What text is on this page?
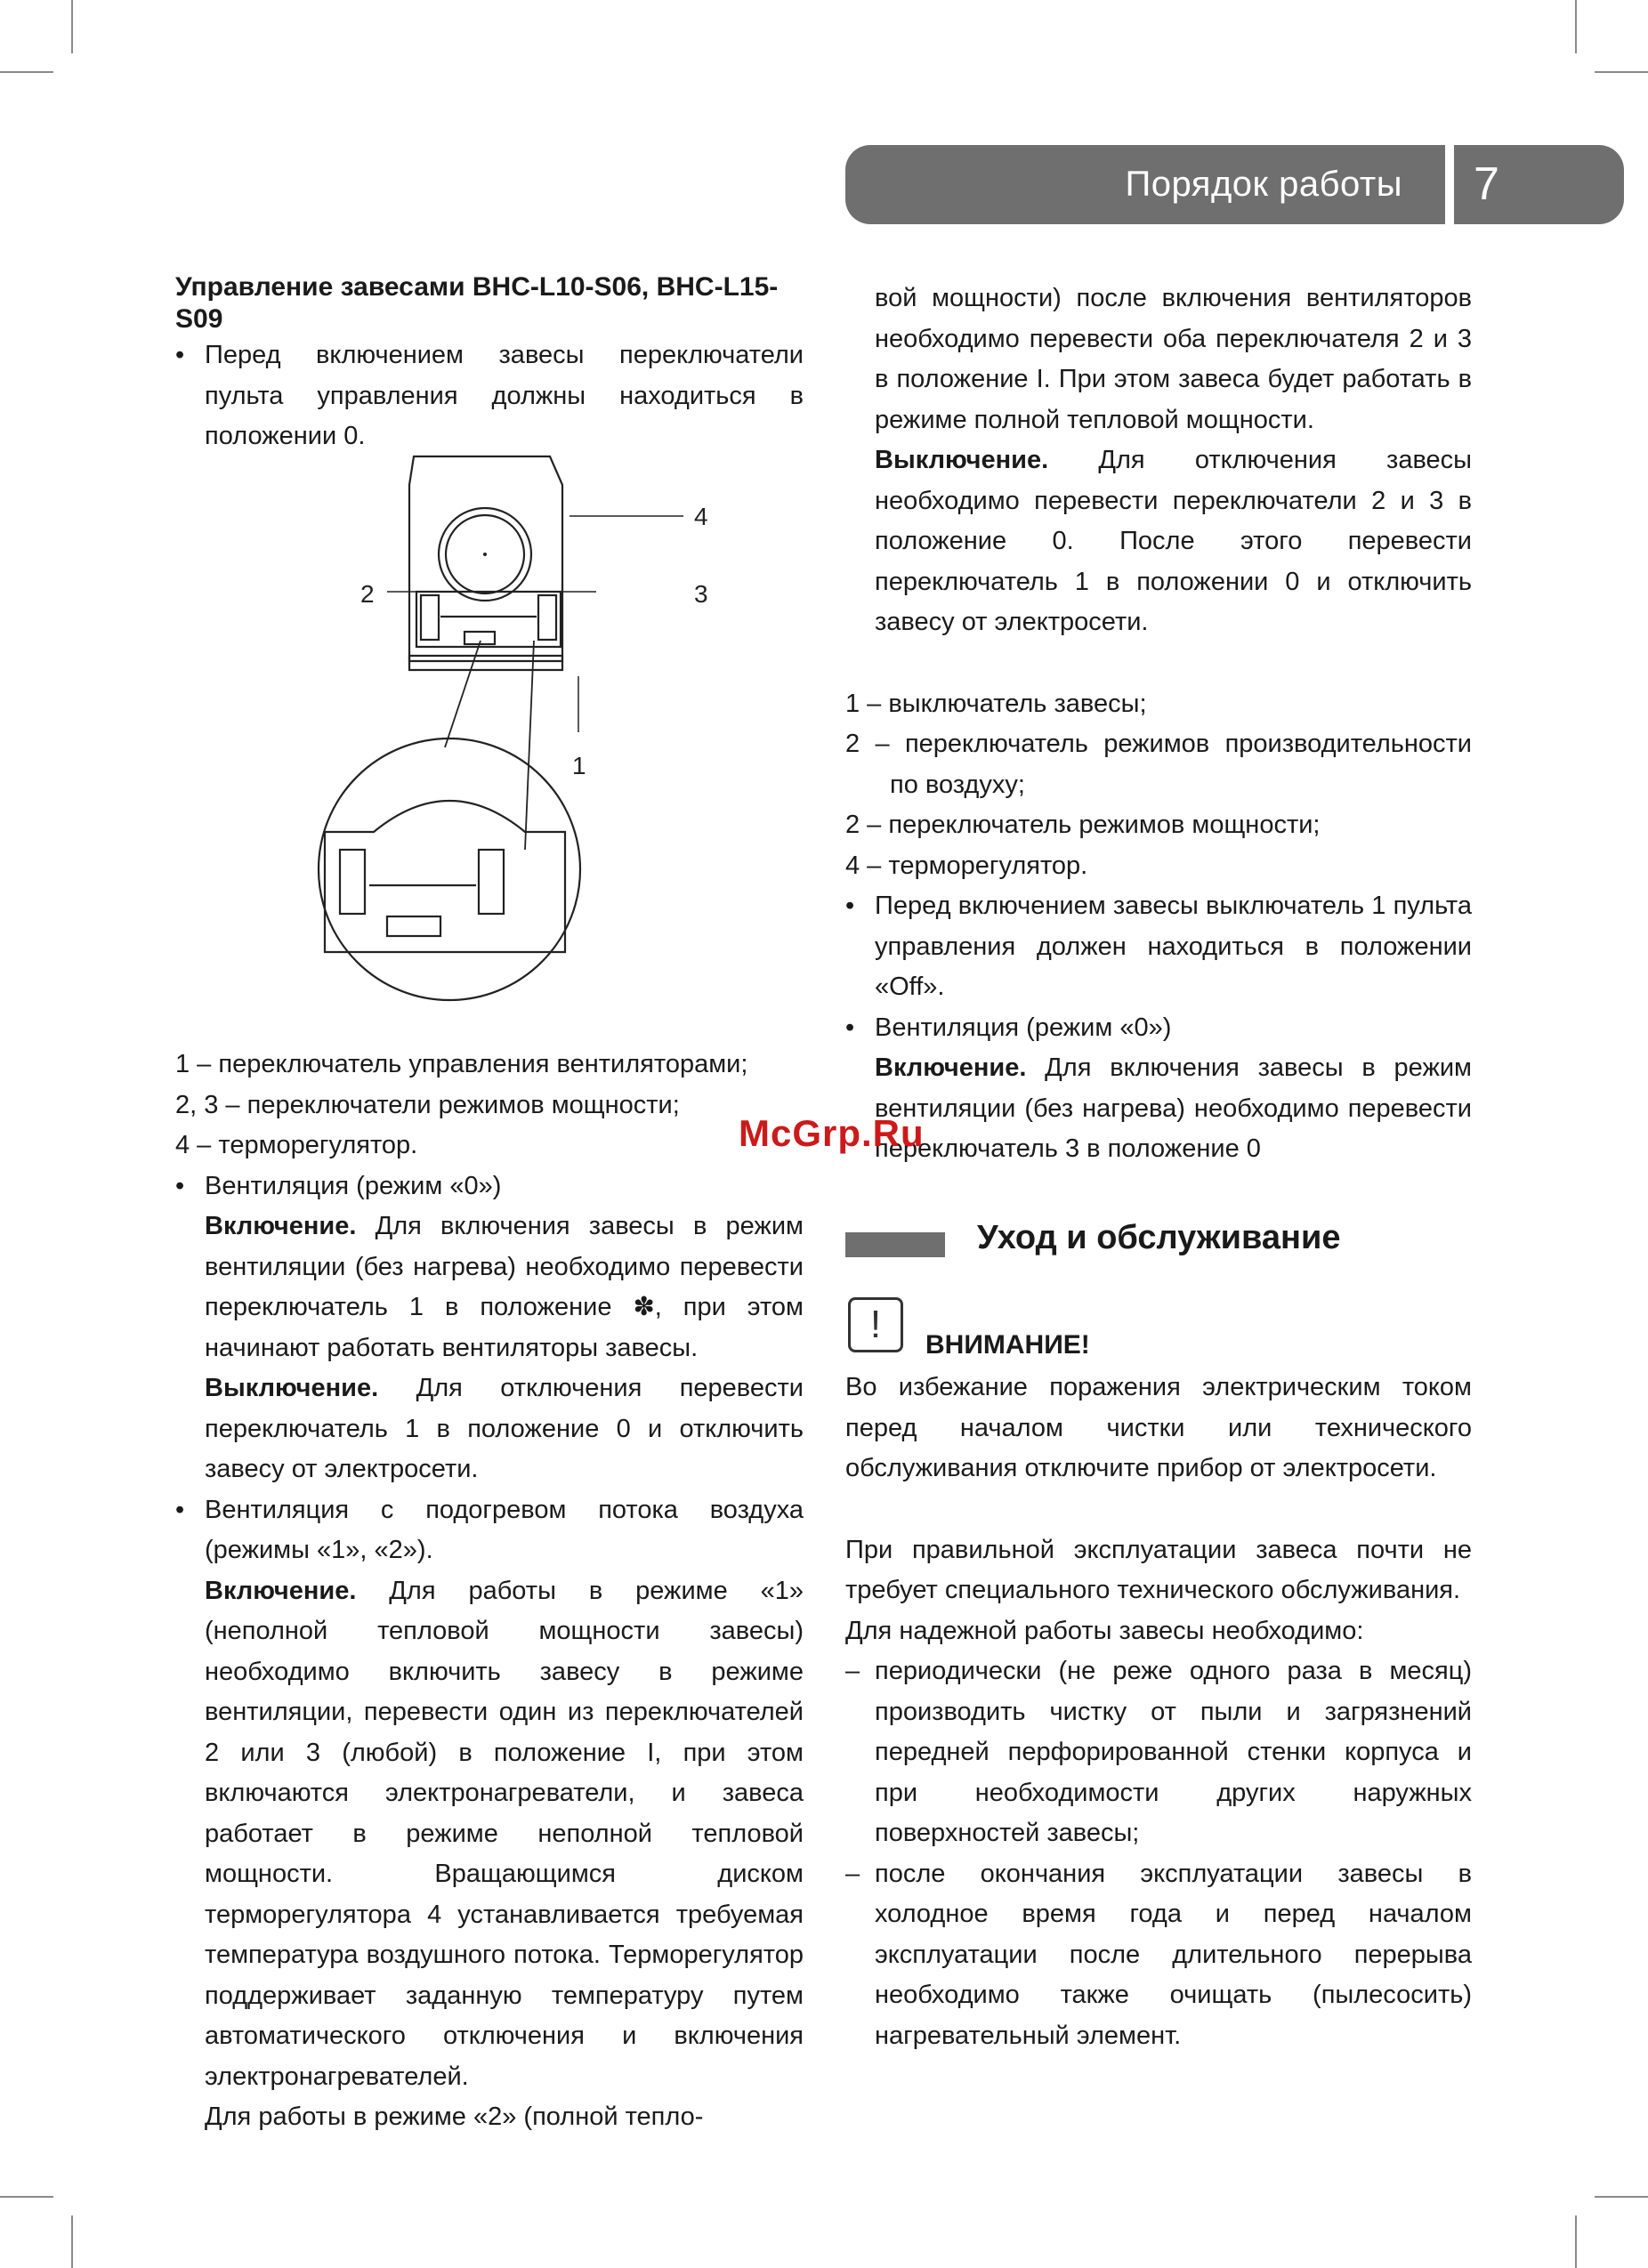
Порядок работы 7

Управление завесами BHC-L10-S06, BHC-L15-S09

• Перед включением завесы переключатели пульта управления должны находиться в положении 0.

4
2	3
1

1 – переключатель управления вентиляторами;

2, 3 – переключатели режимов мощности;

4 – терморегулятор.

• Вентиляция (режим «0»)

Включение. Для включения завесы в режим вентиляции (без нагрева) необходимо перевести переключатель 1 в положение ✽, при этом начинают работать вентиляторы завесы.

Выключение. Для отключения перевести переключатель 1 в положение 0 и отключить завесу от электросети.

• Вентиляция с подогревом потока воздуха (режимы «1», «2»).

Включение. Для работы в режиме «1» (неполной тепловой мощности завесы) необходимо включить завесу в режиме вентиляции, перевести один из переключателей 2 или 3 (любой) в положение I, при этом включаются электронагреватели, и завеса работает в режиме неполной тепловой мощности. Вращающимся диском терморегулятора 4 устанавливается требуемая температура воздушного потока. Терморегулятор поддерживает заданную температуру путем автоматического отключения и включения электронагревателей.

Для работы в режиме «2» (полной тепло-

вой мощности) после включения вентиляторов необходимо перевести оба переключателя 2 и 3 в положение I. При этом завеса будет работать в режиме полной тепловой мощности.

Выключение. Для отключения завесы необходимо перевести переключатели 2 и 3 в положение 0. После этого перевести переключатель 1 в положении 0 и отключить завесу от электросети.

1 – выключатель завесы;

2 – переключатель режимов производительности по воздуху;

2 – переключатель режимов мощности;

4 – терморегулятор.

• Перед включением завесы выключатель 1 пульта управления должен находиться в положении «Off».

• Вентиляция (режим «0»)

Включение. Для включения завесы в режим вентиляции (без нагрева) необходимо перевести переключатель 3 в положение 0

Уход и обслуживание
!	ВНИМАНИЕ!

Во избежание поражения электрическим током перед началом чистки или технического обслуживания отключите прибор от электросети.

При правильной эксплуатации завеса почти не требует специального технического обслуживания.

Для надежной работы завесы необходимо:

– периодически (не реже одного раза в месяц) производить чистку от пыли и загрязнений передней перфорированной стенки корпуса и при необходимости других наружных поверхностей завесы;

– после окончания эксплуатации завесы в холодное время года и перед началом эксплуатации после длительного перерыва необходимо также очищать (пылесосить) нагревательный элемент.

McGrp.Ru
